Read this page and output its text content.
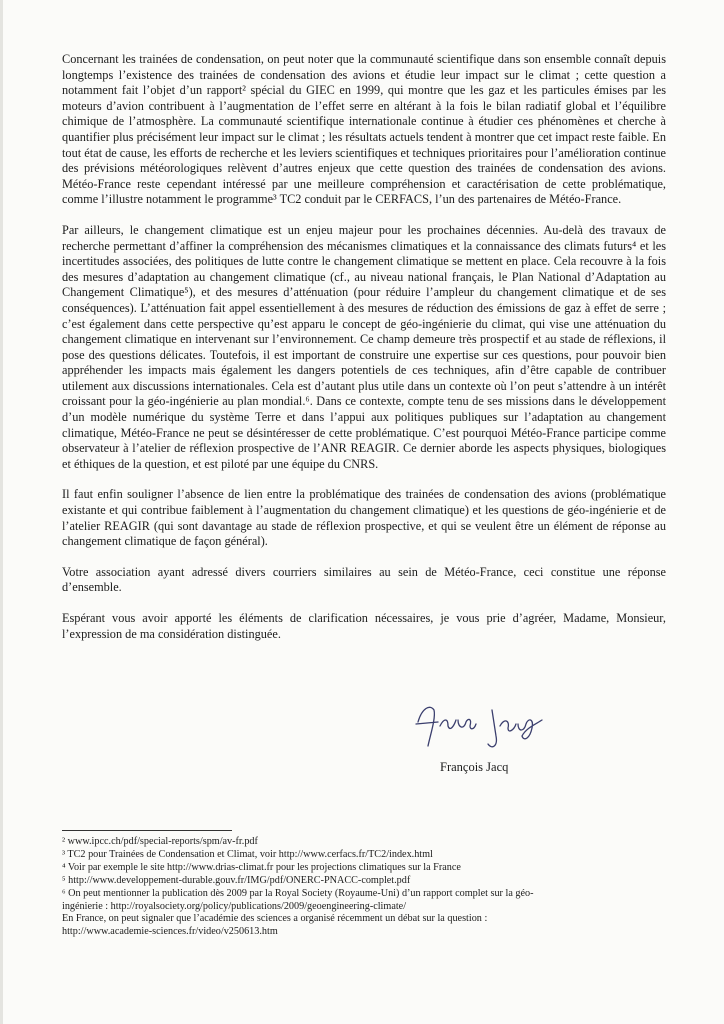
Concernant les trainées de condensation, on peut noter que la communauté scientifique dans son ensemble connaît depuis longtemps l’existence des trainées de condensation des avions et étudie leur impact sur le climat ; cette question a notamment fait l’objet d’un rapport² spécial du GIEC en 1999, qui montre que les gaz et les particules émises par les moteurs d’avion contribuent à l’augmentation de l’effet serre en altérant à la fois le bilan radiatif global et l’équilibre chimique de l’atmosphère. La communauté scientifique internationale continue à étudier ces phénomènes et cherche à quantifier plus précisément leur impact sur le climat ; les résultats actuels tendent à montrer que cet impact reste faible. En tout état de cause, les efforts de recherche et les leviers scientifiques et techniques prioritaires pour l’amélioration continue des prévisions météorologiques relèvent d’autres enjeux que cette question des trainées de condensation des avions. Météo-France reste cependant intéressé par une meilleure compréhension et caractérisation de cette problématique, comme l’illustre notamment le programme³ TC2 conduit par le CERFACS, l’un des partenaires de Météo-France.

Par ailleurs, le changement climatique est un enjeu majeur pour les prochaines décennies. Au-delà des travaux de recherche permettant d’affiner la compréhension des mécanismes climatiques et la connaissance des climats futurs⁴ et les incertitudes associées, des politiques de lutte contre le changement climatique se mettent en place. Cela recouvre à la fois des mesures d’adaptation au changement climatique (cf., au niveau national français, le Plan National d’Adaptation au Changement Climatique⁵), et des mesures d’atténuation (pour réduire l’ampleur du changement climatique et de ses conséquences). L’atténuation fait appel essentiellement à des mesures de réduction des émissions de gaz à effet de serre ; c’est également dans cette perspective qu’est apparu le concept de géo-ingénierie du climat, qui vise une atténuation du changement climatique en intervenant sur l’environnement. Ce champ demeure très prospectif et au stade de réflexions, il pose des questions délicates. Toutefois, il est important de construire une expertise sur ces questions, pour pouvoir bien appréhender les impacts mais également les dangers potentiels de ces techniques, afin d’être capable de contribuer utilement aux discussions internationales. Cela est d’autant plus utile dans un contexte où l’on peut s’attendre à un intérêt croissant pour la géo-ingénierie au plan mondial.⁶. Dans ce contexte, compte tenu de ses missions dans le développement d’un modèle numérique du système Terre et dans l’appui aux politiques publiques sur l’adaptation au changement climatique, Météo-France ne peut se désintéresser de cette problématique. C’est pourquoi Météo-France participe comme observateur à l’atelier de réflexion prospective de l’ANR REAGIR. Ce dernier aborde les aspects physiques, biologiques et éthiques de la question, et est piloté par une équipe du CNRS.

Il faut enfin souligner l’absence de lien entre la problématique des trainées de condensation des avions (problématique existante et qui contribue faiblement à l’augmentation du changement climatique) et les questions de géo-ingénierie et de l’atelier REAGIR (qui sont davantage au stade de réflexion prospective, et qui se veulent être un élément de réponse au changement climatique de façon général).

Votre association ayant adressé divers courriers similaires au sein de Météo-France, ceci constitue une réponse d’ensemble.

Espérant vous avoir apporté les éléments de clarification nécessaires, je vous prie d’agréer, Madame, Monsieur, l’expression de ma considération distinguée.

François Jacq

² www.ipcc.ch/pdf/special-reports/spm/av-fr.pdf

³ TC2 pour Trainées de Condensation et Climat, voir http://www.cerfacs.fr/TC2/index.html

⁴ Voir par exemple le site http://www.drias-climat.fr pour les projections climatiques sur la France

⁵ http://www.developpement-durable.gouv.fr/IMG/pdf/ONERC-PNACC-complet.pdf

⁶ On peut mentionner la publication dès 2009 par la Royal Society (Royaume-Uni) d’un rapport complet sur la géo-

ingénierie : http://royalsociety.org/policy/publications/2009/geoengineering-climate/

En France, on peut signaler que l’académie des sciences a organisé récemment un débat sur la question :

http://www.academie-sciences.fr/video/v250613.htm
